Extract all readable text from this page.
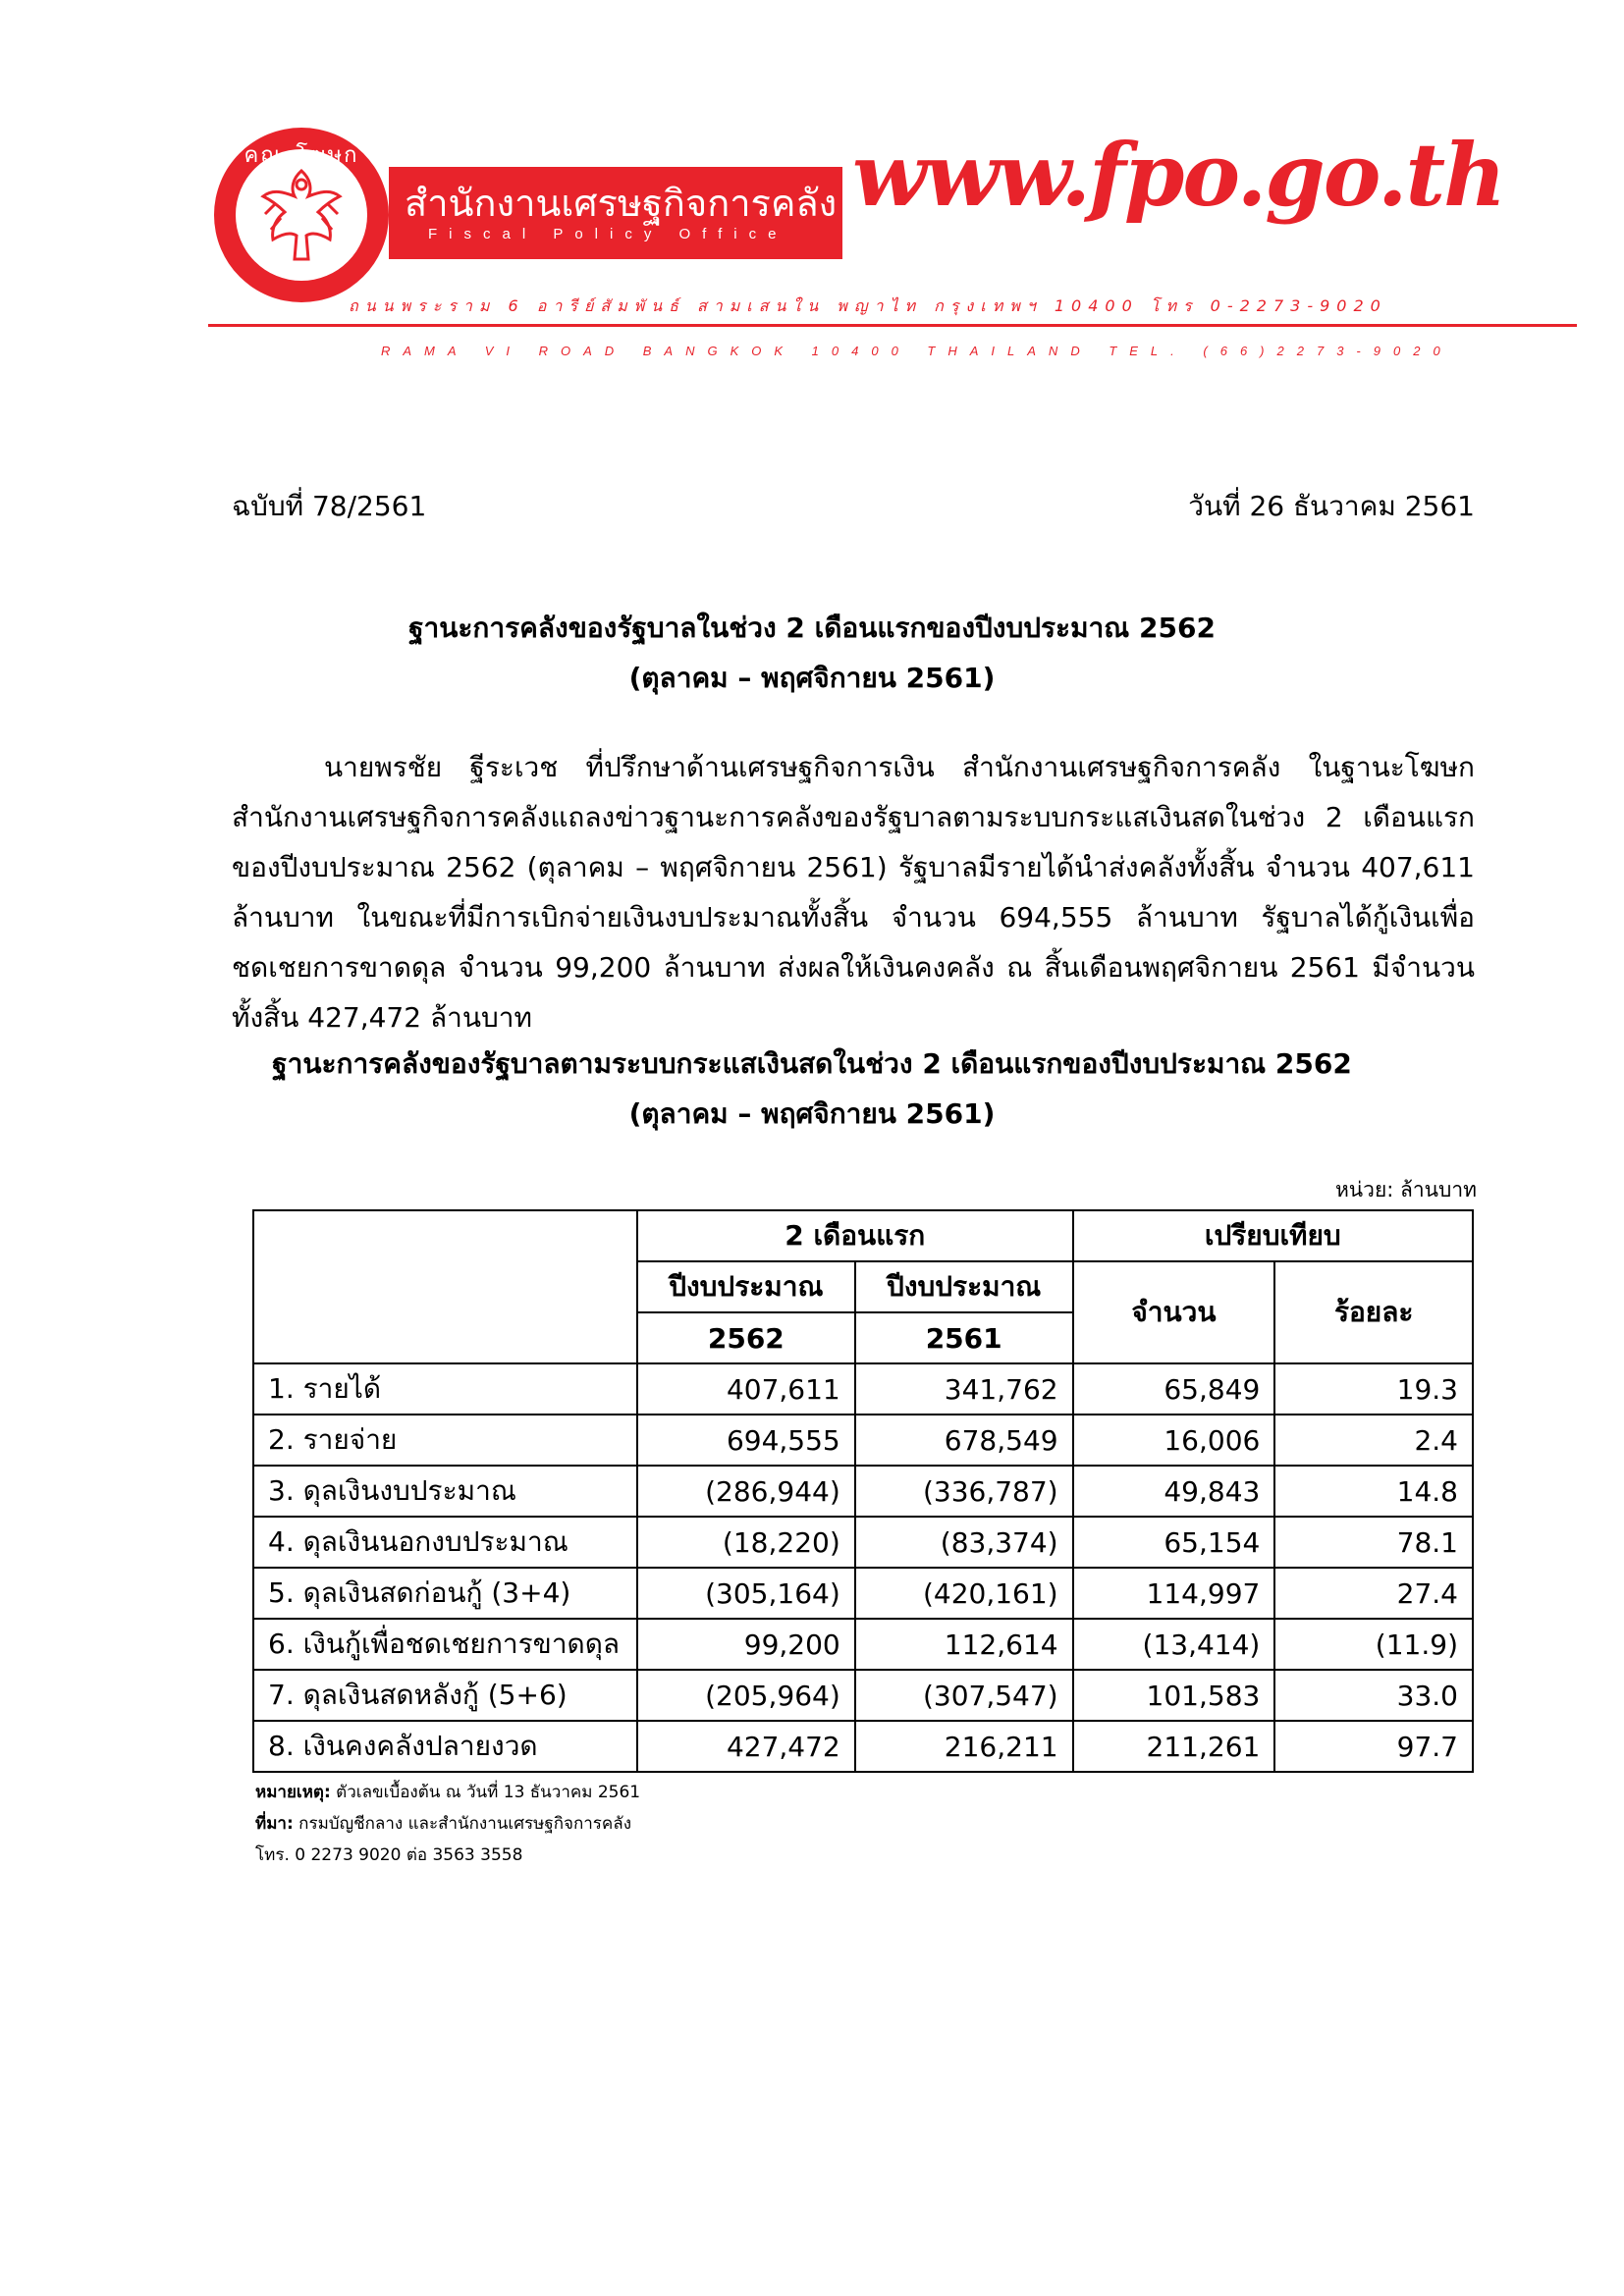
คณะโฆษก
สำนักงานเศรษฐกิจการคลัง
Fiscal Policy Office
www.fpo.go.th
ถนนพระราม 6 อารีย์สัมพันธ์ สามเสนใน พญาไท กรุงเทพฯ 10400 โทร 0-2273-9020
RAMA VI ROAD BANGKOK 10400 THAILAND TEL. (66)2273-9020
ฉบับที่ 78/2561	วันที่ 26 ธันวาคม 2561
ฐานะการคลังของรัฐบาลในช่วง 2 เดือนแรกของปีงบประมาณ 2562
(ตุลาคม – พฤศจิกายน 2561)
นายพรชัย ฐีระเวช ที่ปรึกษาด้านเศรษฐกิจการเงิน สำนักงานเศรษฐกิจการคลัง ในฐานะโฆษกสำนักงานเศรษฐกิจการคลังแถลงข่าวฐานะการคลังของรัฐบาลตามระบบกระแสเงินสดในช่วง 2 เดือนแรกของปีงบประมาณ 2562 (ตุลาคม – พฤศจิกายน 2561) รัฐบาลมีรายได้นำส่งคลังทั้งสิ้น จำนวน 407,611 ล้านบาท ในขณะที่มีการเบิกจ่ายเงินงบประมาณทั้งสิ้น จำนวน 694,555 ล้านบาท รัฐบาลได้กู้เงินเพื่อชดเชยการขาดดุล จำนวน 99,200 ล้านบาท ส่งผลให้เงินคงคลัง ณ สิ้นเดือนพฤศจิกายน 2561 มีจำนวนทั้งสิ้น 427,472 ล้านบาท
ฐานะการคลังของรัฐบาลตามระบบกระแสเงินสดในช่วง 2 เดือนแรกของปีงบประมาณ 2562
(ตุลาคม – พฤศจิกายน 2561)
หน่วย: ล้านบาท
	2 เดือนแรก		เปรียบเทียบ	
	ปีงบประมาณ	ปีงบประมาณ	จำนวน	ร้อยละ
	2562	2561		
1. รายได้	407,611	341,762	65,849	19.3
2. รายจ่าย	694,555	678,549	16,006	2.4
3. ดุลเงินงบประมาณ	(286,944)	(336,787)	49,843	14.8
4. ดุลเงินนอกงบประมาณ	(18,220)	(83,374)	65,154	78.1
5. ดุลเงินสดก่อนกู้ (3+4)	(305,164)	(420,161)	114,997	27.4
6. เงินกู้เพื่อชดเชยการขาดดุล	99,200	112,614	(13,414)	(11.9)
7. ดุลเงินสดหลังกู้ (5+6)	(205,964)	(307,547)	101,583	33.0
8. เงินคงคลังปลายงวด	427,472	216,211	211,261	97.7
หมายเหตุ: ตัวเลขเบื้องต้น ณ วันที่ 13 ธันวาคม 2561
ที่มา: กรมบัญชีกลาง และสำนักงานเศรษฐกิจการคลัง
โทร. 0 2273 9020 ต่อ 3563 3558
